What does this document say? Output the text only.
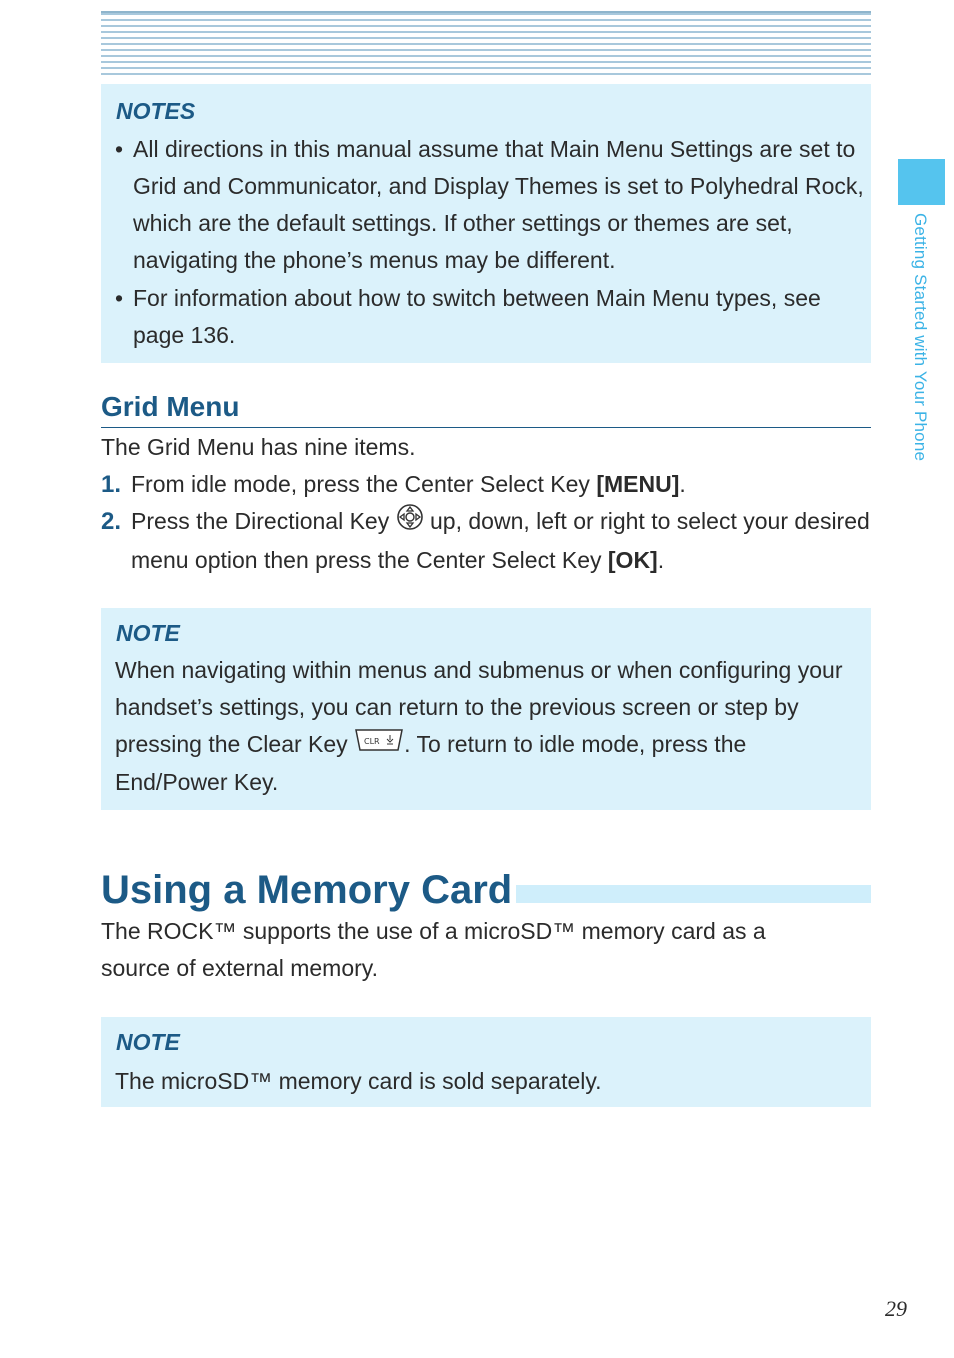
NOTES
• All directions in this manual assume that Main Menu Settings are set to Grid and Communicator, and Display Themes is set to Polyhedral Rock, which are the default settings. If other settings or themes are set, navigating the phone’s menus may be different.
• For information about how to switch between Main Menu types, see page 136.	Getting Started with Your Phone
Grid Menu
The Grid Menu has nine items.
1. From idle mode, press the Center Select Key [MENU].
2. Press the Directional Key  up, down, left or right to select your desired menu option then press the Center Select Key [OK].
NOTE
When navigating within menus and submenus or when configuring your handset’s settings, you can return to the previous screen or step by pressing the Clear Key CLR . To return to idle mode, press the End/Power Key.
Using a Memory Card
The ROCK™ supports the use of a microSD™ memory card as a source of external memory.
NOTE
The microSD™ memory card is sold separately.
29
